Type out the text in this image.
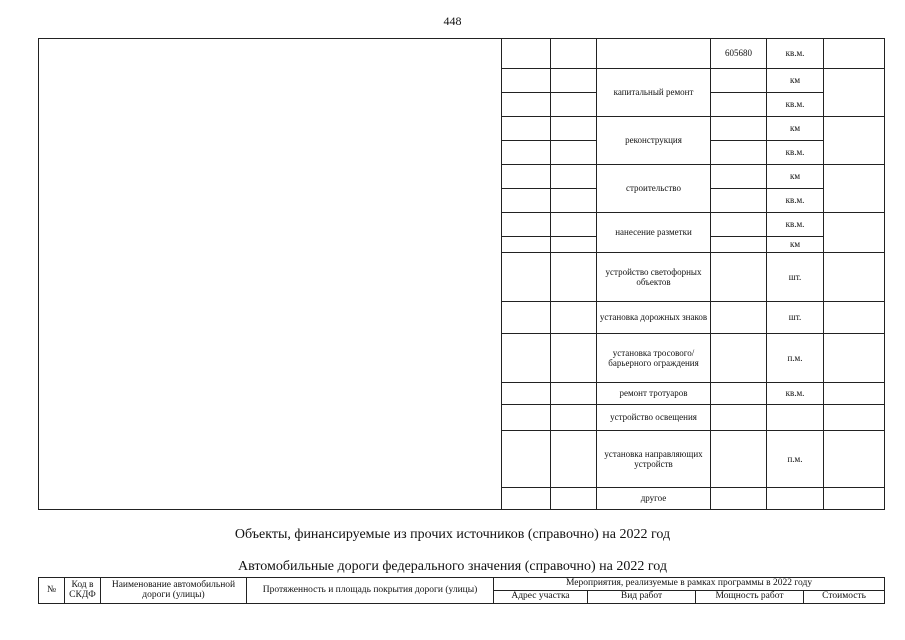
448
				605680	кв.м.	
			капитальный ремонт		км	
					кв.м.	
			реконструкция		км	
					кв.м.	
			строительство		км	
					кв.м.	
			нанесение разметки		кв.м.	
					км	
			устройство светофорных объектов		шт.	
			установка дорожных знаков		шт.	
			установка тросового/барьерного ограждения		п.м.	
			ремонт тротуаров		кв.м.	
			устройство освещения			
			установка направляющих устройств		п.м.	
			другое			
Объекты, финансируемые из прочих источников (справочно) на 2022 год
Автомобильные дороги федерального значения (справочно) на 2022 год
№	Код в СКДФ	Наименование автомобильной дороги (улицы)	Протяженность и площадь покрытия дороги (улицы)	Мероприятия, реализуемые в рамках программы в 2022 году			
				Адрес участка	Вид работ	Мощность работ	Стоимость
